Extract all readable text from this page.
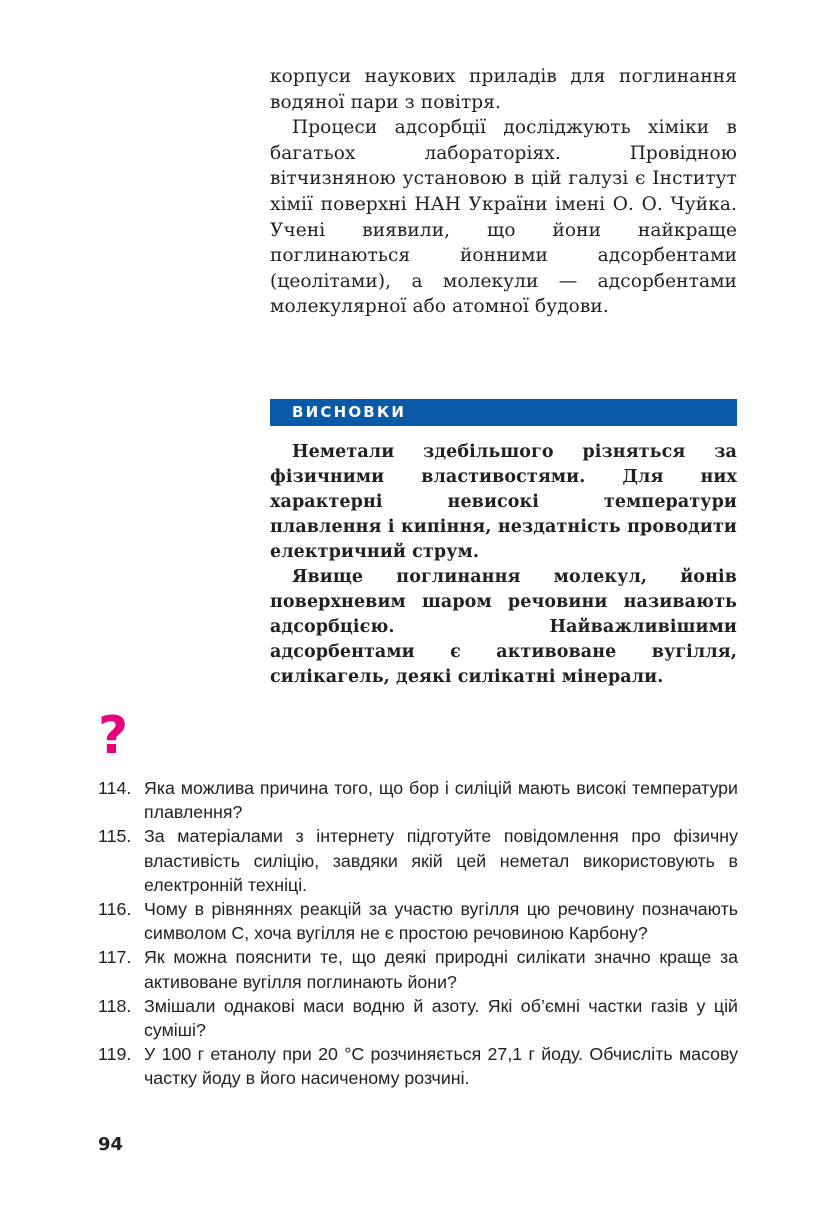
корпуси наукових приладів для поглинання водяної пари з повітря.

Процеси адсорбції досліджують хіміки в багатьох лабораторіях. Провідною вітчизняною установою в цій галузі є Інститут хімії поверхні НАН України імені О. О. Чуйка. Учені виявили, що йони найкраще поглинаються йонними адсорбентами (цеолітами), а молекули — адсорбентами молекулярної або атомної будови.

ВИСНОВКИ

Неметали здебільшого різняться за фізичними властивостями. Для них характерні невисокі температури плавлення і кипіння, нездатність проводити електричний струм.

Явище поглинання молекул, йонів поверхневим шаром речовини називають адсорбцією. Найважливішими адсорбентами є активоване вугілля, силікагель, деякі силікатні мінерали.

?
114. Яка можлива причина того, що бор і силіцій мають високі температури плавлення?
115. За матеріалами з інтернету підготуйте повідомлення про фізичну властивість силіцію, завдяки якій цей неметал використовують в електронній техніці.
116. Чому в рівняннях реакцій за участю вугілля цю речовину позначають символом C, хоча вугілля не є простою речовиною Карбону?
117. Як можна пояснити те, що деякі природні силікати значно краще за активоване вугілля поглинають йони?
118. Змішали однакові маси водню й азоту. Які об’ємні частки газів у цій суміші?
119. У 100 г етанолу при 20 °C розчиняється 27,1 г йоду. Обчисліть масову частку йоду в його насиченому розчині.
94
